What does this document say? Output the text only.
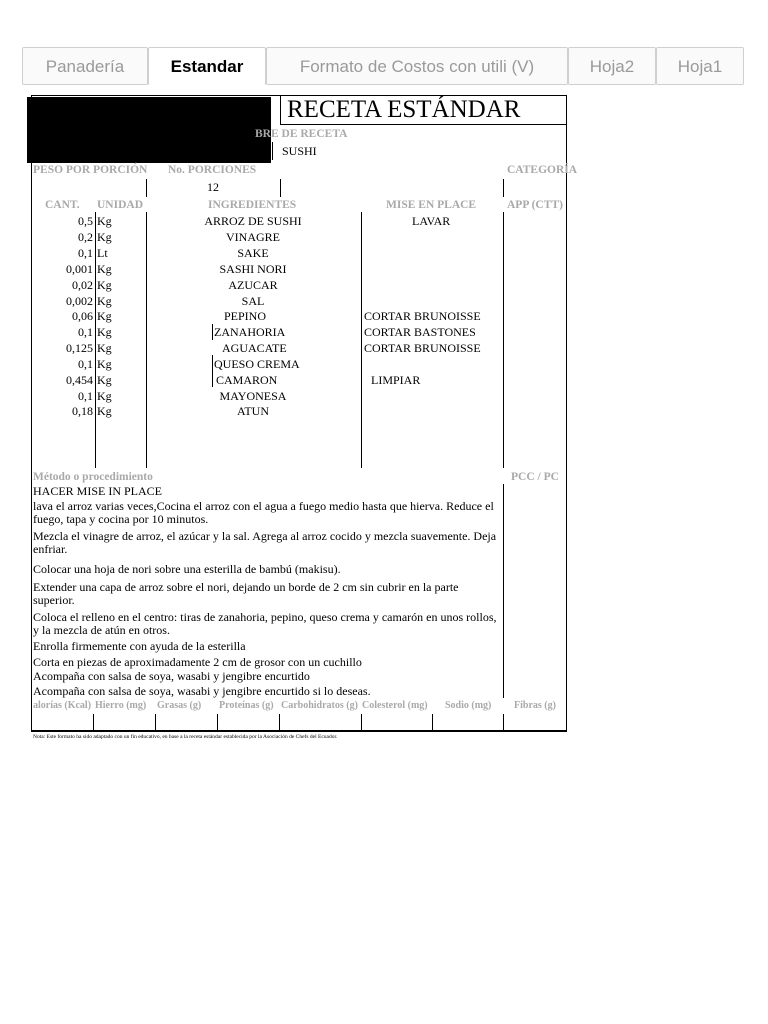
Panadería	Estandar	Formato de Costos con utili (V)	Hoja2	Hoja1
RECETA ESTÁNDAR
BRE DE RECETA
SUSHI
PESO POR PORCIÓN No. PORCIONES	CATEGORÍA
12
CANT. UNIDAD	INGREDIENTES	MISE EN PLACE	APP (CTT)
0,5 Kg	ARROZ DE SUSHI	LAVAR
0,2 Kg	VINAGRE
0,1 Lt	SAKE
0,001 Kg	SASHI NORI
0,02 Kg	AZUCAR
0,002 Kg	SAL
0,06 Kg	PEPINO	CORTAR BRUNOISSE
0,1 Kg	ZANAHORIA	CORTAR BASTONES
0,125 Kg	AGUACATE	CORTAR BRUNOISSE
0,1 Kg	QUESO CREMA
0,454 Kg	CAMARON	LIMPIAR
0,1 Kg	MAYONESA
0,18 Kg	ATUN
Método o procedimiento	PCC / PC
HACER MISE IN PLACE
lava el arroz varias veces,Cocina el arroz con el agua a fuego medio hasta que hierva. Reduce el fuego, tapa y cocina por 10 minutos.
Mezcla el vinagre de arroz, el azúcar y la sal. Agrega al arroz cocido y mezcla suavemente. Deja enfriar.
Colocar una hoja de nori sobre una esterilla de bambú (makisu).
Extender una capa de arroz sobre el nori, dejando un borde de 2 cm sin cubrir en la parte superior.
Coloca el relleno en el centro: tiras de zanahoria, pepino, queso crema y camarón en unos rollos, y la mezcla de atún en otros.
Enrolla firmemente con ayuda de la esterilla
Corta en piezas de aproximadamente 2 cm de grosor con un cuchillo
Acompaña con salsa de soya, wasabi y jengibre encurtido
Acompaña con salsa de soya, wasabi y jengibre encurtido si lo deseas.
alorías (Kcal) Hierro (mg) Grasas (g) Proteínas (g) Carbohidratos (g) Colesterol (mg) Sodio (mg) Fibras (g)
Nota: Este formato ha sido adaptado con un fin educativo, en base a la receta estándar establecida por la Asociación de Chefs del Ecuador.
